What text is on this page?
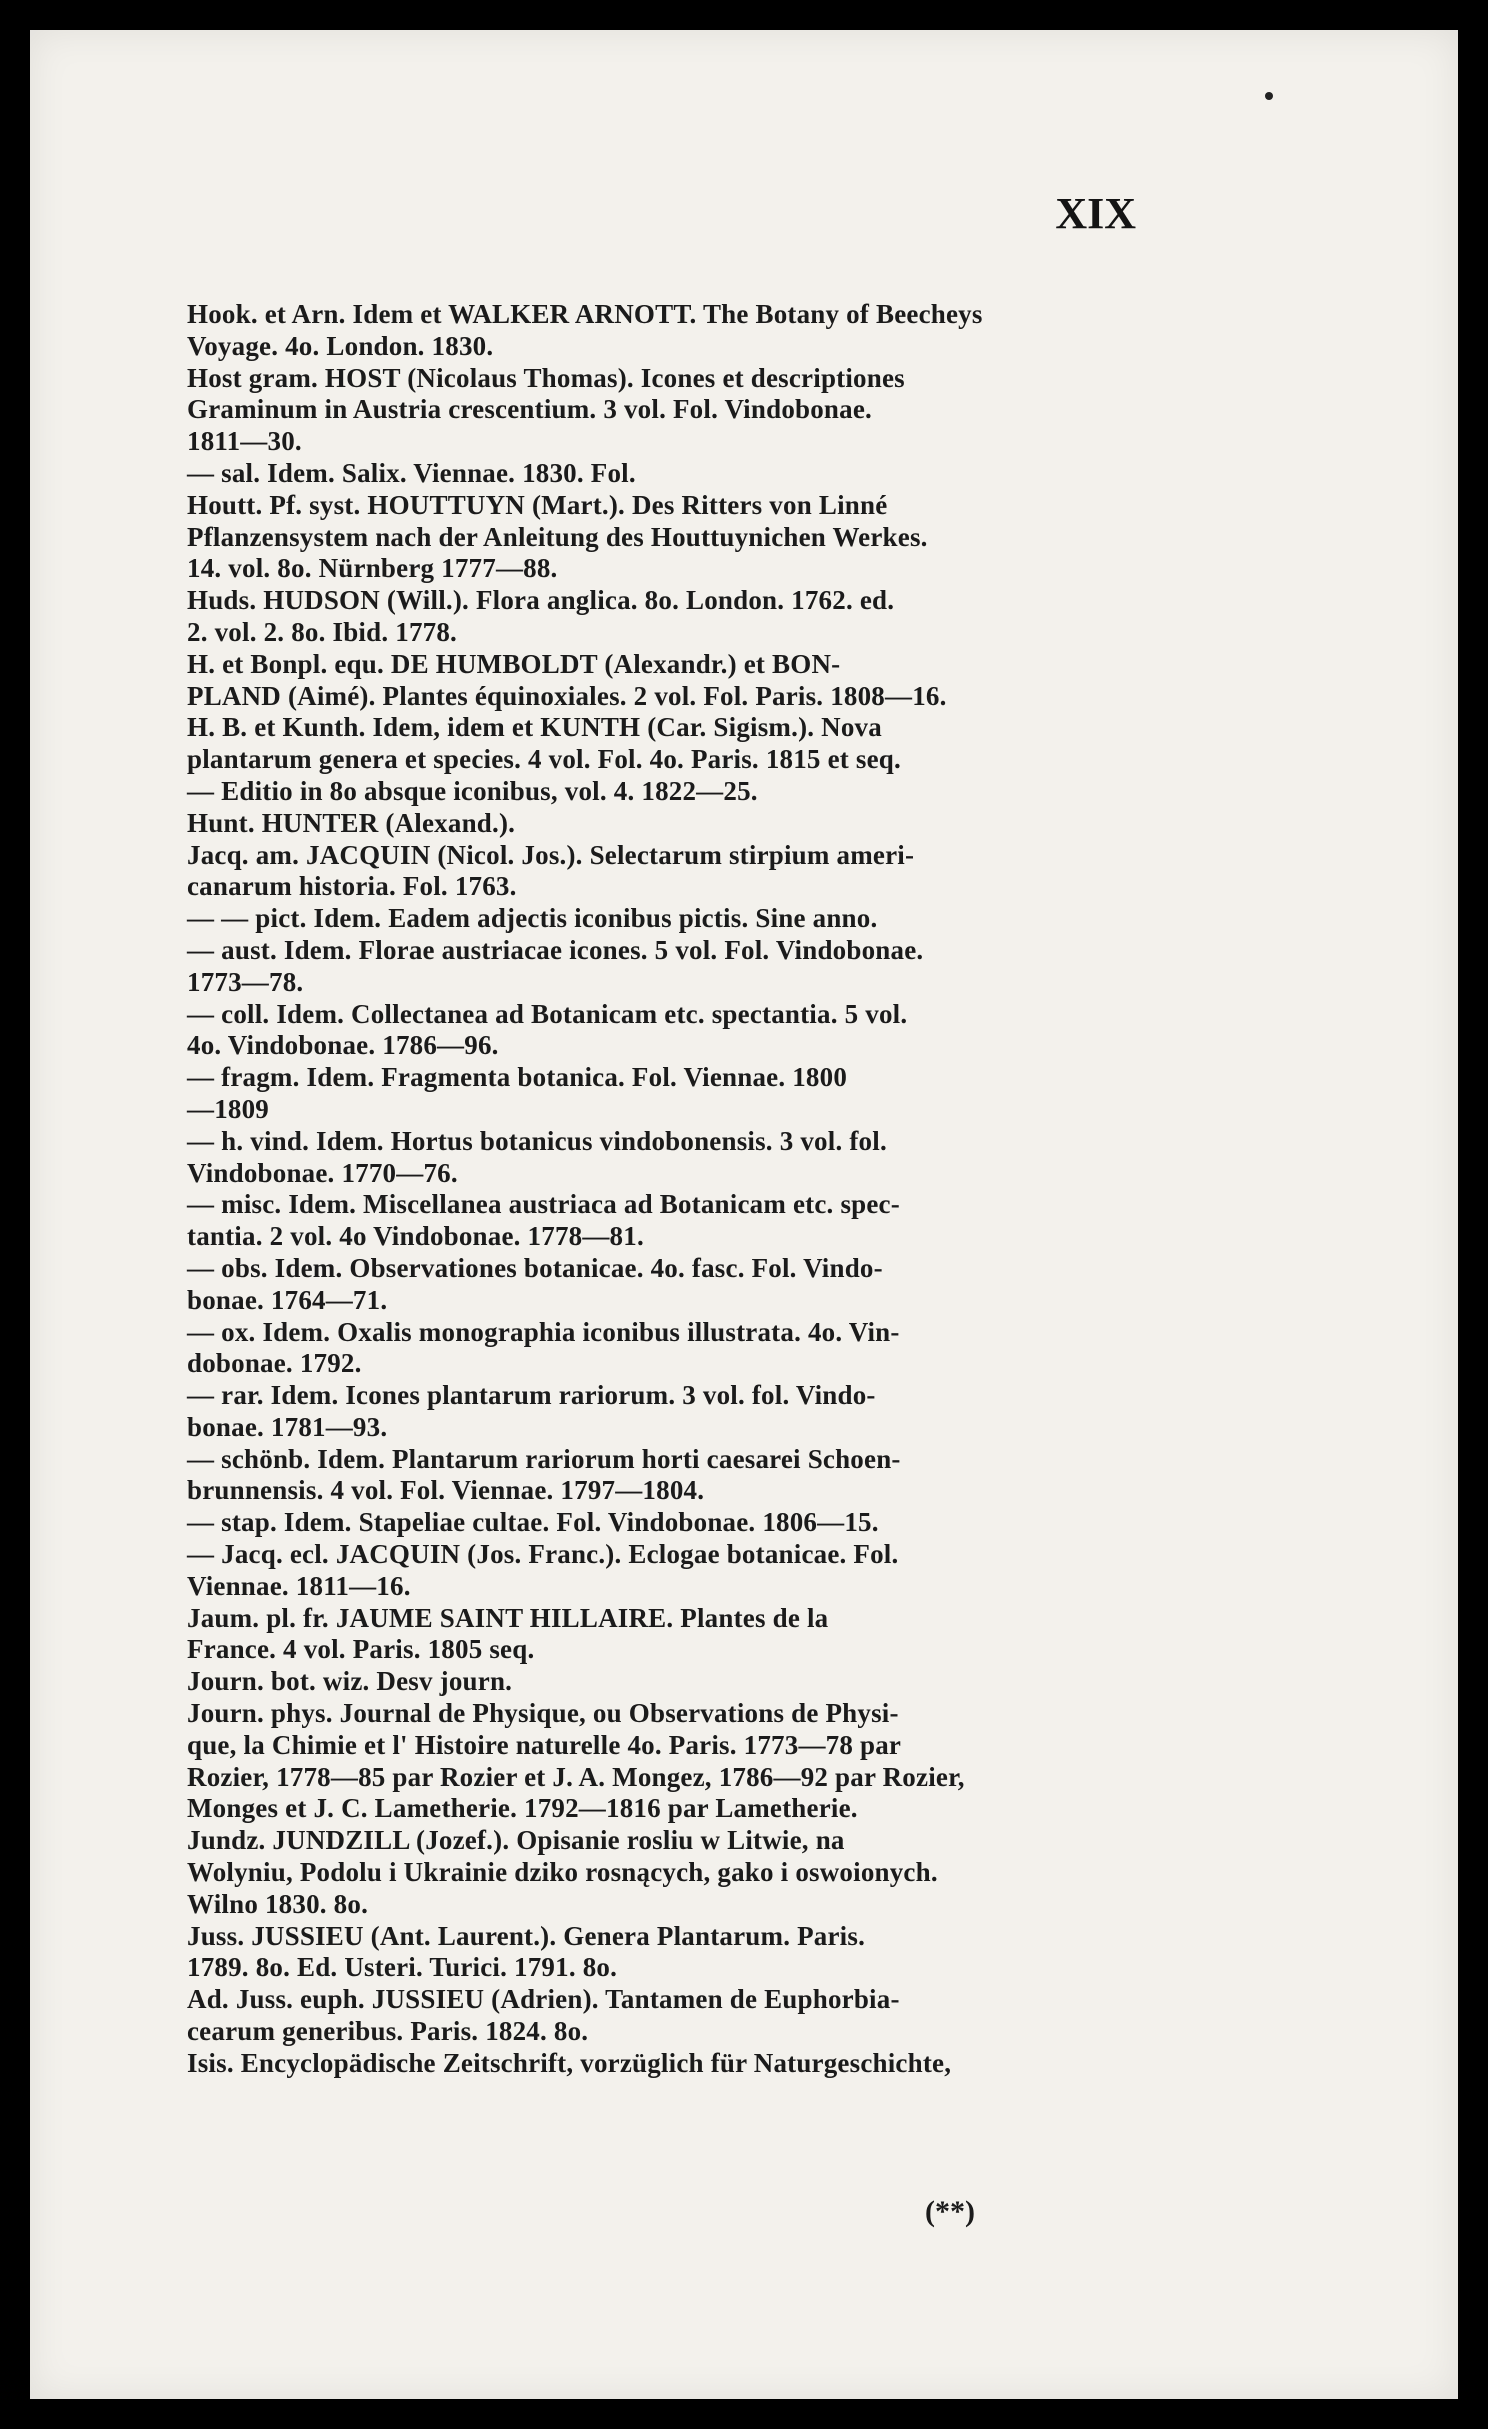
XIX
Hook. et Arn. Idem et WALKER ARNOTT. The Botany of Beecheys
Voyage. 4o. London. 1830.
Host gram. HOST (Nicolaus Thomas). Icones et descriptiones
Graminum in Austria crescentium. 3 vol. Fol. Vindobonae.
1811—30.
— sal. Idem. Salix. Viennae. 1830. Fol.
Houtt. Pf. syst. HOUTTUYN (Mart.). Des Ritters von Linné
Pflanzensystem nach der Anleitung des Houttuynichen Werkes.
14. vol. 8o. Nürnberg 1777—88.
Huds. HUDSON (Will.). Flora anglica. 8o. London. 1762. ed.
2. vol. 2. 8o. Ibid. 1778.
H. et Bonpl. equ. DE HUMBOLDT (Alexandr.) et BON-
PLAND (Aimé). Plantes équinoxiales. 2 vol. Fol. Paris. 1808—16.
H. B. et Kunth. Idem, idem et KUNTH (Car. Sigism.). Nova
plantarum genera et species. 4 vol. Fol. 4o. Paris. 1815 et seq.
— Editio in 8o absque iconibus, vol. 4. 1822—25.
Hunt. HUNTER (Alexand.).
Jacq. am. JACQUIN (Nicol. Jos.). Selectarum stirpium ameri-
canarum historia. Fol. 1763.
— — pict. Idem. Eadem adjectis iconibus pictis. Sine anno.
— aust. Idem. Florae austriacae icones. 5 vol. Fol. Vindobonae.
1773—78.
— coll. Idem. Collectanea ad Botanicam etc. spectantia. 5 vol.
4o. Vindobonae. 1786—96.
— fragm. Idem. Fragmenta botanica. Fol. Viennae. 1800
—1809
— h. vind. Idem. Hortus botanicus vindobonensis. 3 vol. fol.
Vindobonae. 1770—76.
— misc. Idem. Miscellanea austriaca ad Botanicam etc. spec-
tantia. 2 vol. 4o Vindobonae. 1778—81.
— obs. Idem. Observationes botanicae. 4o. fasc. Fol. Vindo-
bonae. 1764—71.
— ox. Idem. Oxalis monographia iconibus illustrata. 4o. Vin-
dobonae. 1792.
— rar. Idem. Icones plantarum rariorum. 3 vol. fol. Vindo-
bonae. 1781—93.
— schönb. Idem. Plantarum rariorum horti caesarei Schoen-
brunnensis. 4 vol. Fol. Viennae. 1797—1804.
— stap. Idem. Stapeliae cultae. Fol. Vindobonae. 1806—15.
— Jacq. ecl. JACQUIN (Jos. Franc.). Eclogae botanicae. Fol.
Viennae. 1811—16.
Jaum. pl. fr. JAUME SAINT HILLAIRE. Plantes de la
France. 4 vol. Paris. 1805 seq.
Journ. bot. wiz. Desv journ.
Journ. phys. Journal de Physique, ou Observations de Physi-
que, la Chimie et l' Histoire naturelle 4o. Paris. 1773—78 par
Rozier, 1778—85 par Rozier et J. A. Mongez, 1786—92 par Rozier,
Monges et J. C. Lametherie. 1792—1816 par Lametherie.
Jundz. JUNDZILL (Jozef.). Opisanie rosliu w Litwie, na
Wolyniu, Podolu i Ukrainie dziko rosnących, gako i oswoionych.
Wilno 1830. 8o.
Juss. JUSSIEU (Ant. Laurent.). Genera Plantarum. Paris.
1789. 8o. Ed. Usteri. Turici. 1791. 8o.
Ad. Juss. euph. JUSSIEU (Adrien). Tantamen de Euphorbia-
cearum generibus. Paris. 1824. 8o.
Isis. Encyclopädische Zeitschrift, vorzüglich für Naturgeschichte,
(**)
